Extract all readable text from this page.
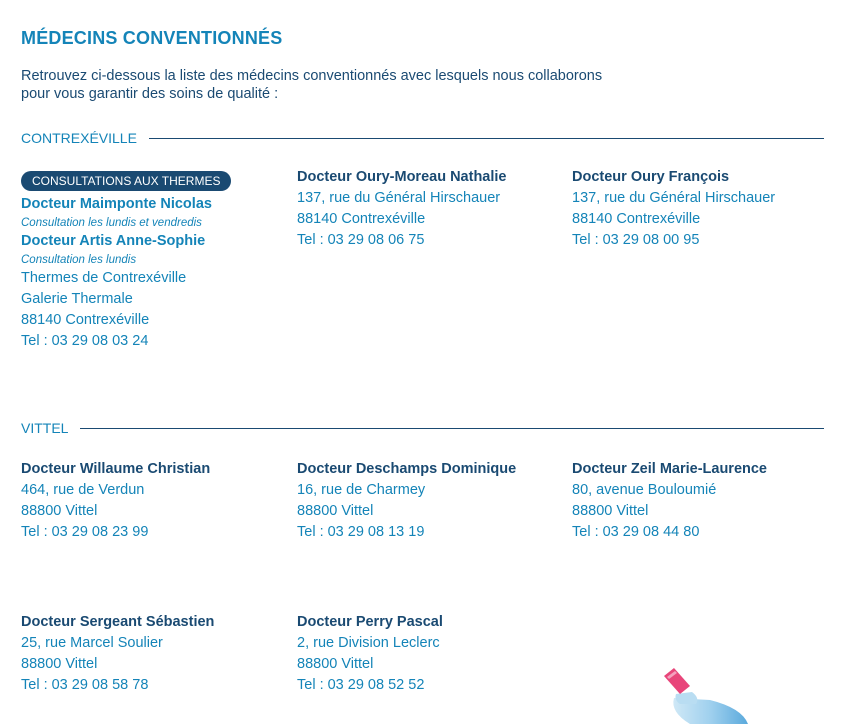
MÉDECINS CONVENTIONNÉS
Retrouvez ci-dessous la liste des médecins conventionnés avec lesquels nous collaborons
pour vous garantir des soins de qualité :
CONTREXÉVILLE
CONSULTATIONS AUX THERMES
Docteur Maimponte Nicolas
Consultation les lundis et vendredis
Docteur Artis Anne-Sophie
Consultation les lundis
Thermes de Contrexéville
Galerie Thermale
88140 Contrexéville
Tel : 03 29 08 03 24
Docteur Oury-Moreau Nathalie
137, rue du Général Hirschauer
88140 Contrexéville
Tel : 03 29 08 06 75
Docteur Oury François
137, rue du Général Hirschauer
88140 Contrexéville
Tel : 03 29 08 00 95
VITTEL
Docteur Willaume Christian
464, rue de Verdun
88800 Vittel
Tel : 03 29 08 23 99
Docteur Deschamps Dominique
16, rue de Charmey
88800 Vittel
Tel : 03 29 08 13 19
Docteur Zeil Marie-Laurence
80, avenue Bouloumié
88800 Vittel
Tel : 03 29 08 44 80
Docteur Sergeant Sébastien
25, rue Marcel Soulier
88800 Vittel
Tel : 03 29 08 58 78
Docteur Perry Pascal
2, rue Division Leclerc
88800 Vittel
Tel : 03 29 08 52 52
